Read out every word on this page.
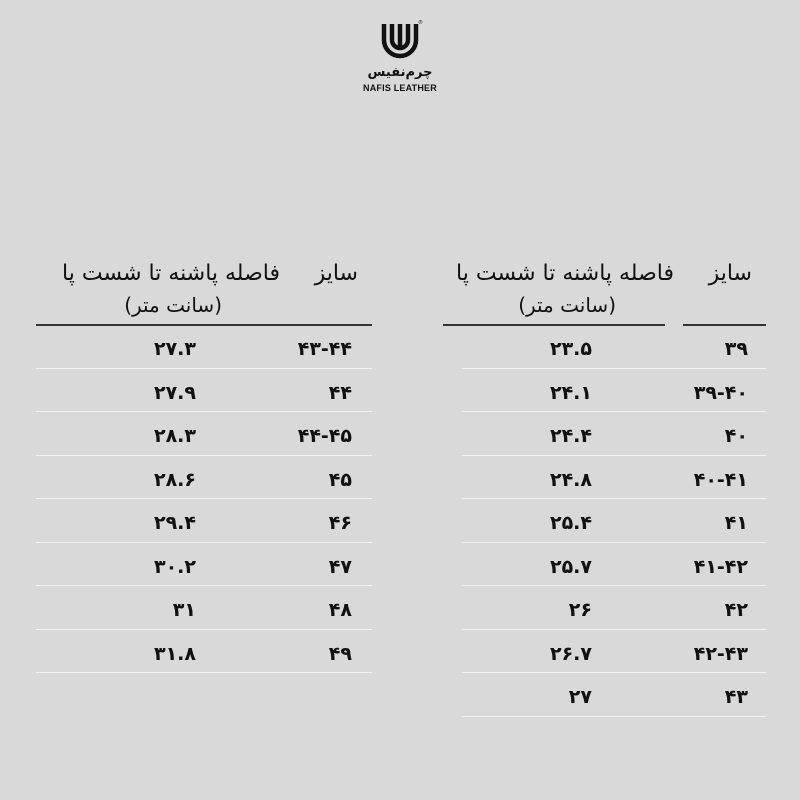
®
چرم‌نفیس
NAFIS LEATHER
سایز
فاصله پاشنه تا شست پا
(سانت متر)
۳۹
۲۳.۵
۳۹-۴۰
۲۴.۱
۴۰
۲۴.۴
۴۰-۴۱
۲۴.۸
۴۱
۲۵.۴
۴۱-۴۲
۲۵.۷
۴۲
۲۶
۴۲-۴۳
۲۶.۷
۴۳
۲۷
سایز
فاصله پاشنه تا شست پا
(سانت متر)
۴۳-۴۴
۲۷.۳
۴۴
۲۷.۹
۴۴-۴۵
۲۸.۳
۴۵
۲۸.۶
۴۶
۲۹.۴
۴۷
۳۰.۲
۴۸
۳۱
۴۹
۳۱.۸
